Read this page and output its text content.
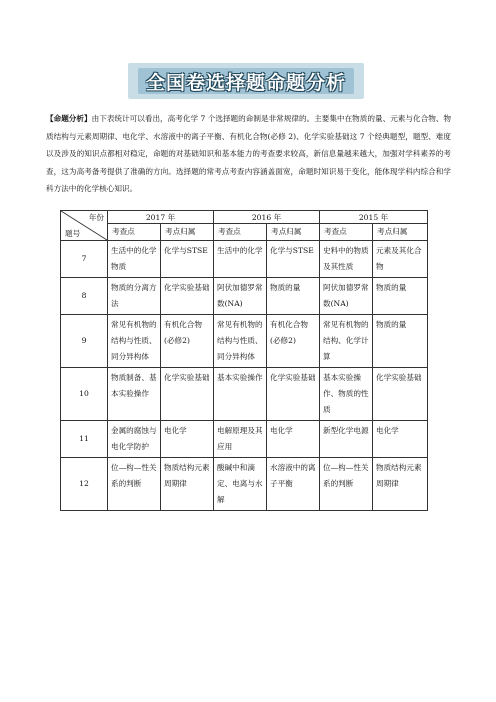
全国卷选择题命题分析
【命题分析】由下表统计可以看出，高考化学 7 个选择题的命制是非常规律的。主要集中在物质的量、元素与化合物、物质结构与元素周期律、电化学、水溶液中的离子平衡、有机化合物(必修 2)、化学实验基础这 7 个经典题型，题型、难度以及涉及的知识点都相对稳定，命题的对基础知识和基本能力的考查要求较高，新信息量越来越大，加强对学科素养的考查，这为高考备考提供了准确的方向。选择题的常考点考查内容涵盖面宽，命题时知识易于变化，能体现学科内综合和学科方法中的化学核心知识。
年份
题号	2017 年		2016 年		2015 年	
	考查点	考点归属	考查点	考点归属	考查点	考点归属
7	生活中的化学物质	化学与STSE	生活中的化学	化学与STSE	史料中的物质及其性质	元素及其化合物
8	物质的分离方法	化学实验基础	阿伏加德罗常数(NA)	物质的量	阿伏加德罗常数(NA)	物质的量
9	常见有机物的结构与性质、同分异构体	有机化合物(必修2)	常见有机物的结构与性质、同分异构体	有机化合物(必修2)	常见有机物的结构、化学计算	物质的量
10	物质制备、基本实验操作	化学实验基础	基本实验操作	化学实验基础	基本实验操作、物质的性质	化学实验基础
11	金属的腐蚀与电化学防护	电化学	电解原理及其应用	电化学	新型化学电源	电化学
12	位—构—性关系的判断	物质结构元素周期律	酸碱中和滴定、电离与水解	水溶液中的离子平衡	位—构—性关系的判断	物质结构元素周期律
